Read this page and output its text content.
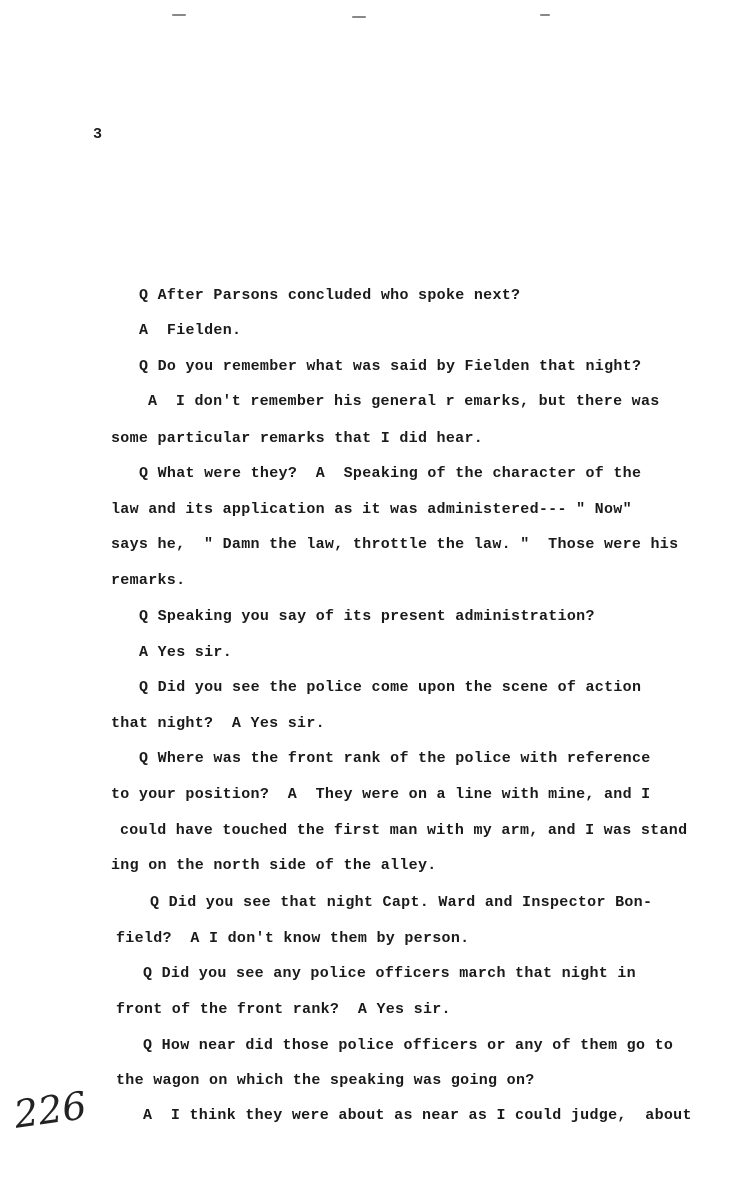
3
Q After Parsons concluded who spoke next?
A  Fielden.
Q Do you remember what was said by Fielden that night?
A  I don't remember his general r emarks, but there was
some particular remarks that I did hear.
Q What were they?  A  Speaking of the character of the
law and its application as it was administered--- " Now"
says he,  " Damn the law, throttle the law. "  Those were his
remarks.
Q Speaking you say of its present administration?
A Yes sir.
Q Did you see the police come upon the scene of action
that night?  A Yes sir.
Q Where was the front rank of the police with reference
to your position?  A  They were on a line with mine, and I
could have touched the first man with my arm, and I was stand
ing on the north side of the alley.
Q Did you see that night Capt. Ward and Inspector Bon-
field?  A I don't know them by person.
Q Did you see any police officers march that night in
front of the front rank?  A Yes sir.
Q How near did those police officers or any of them go to
the wagon on which the speaking was going on?
A  I think they were about as near as I could judge,  about
226
